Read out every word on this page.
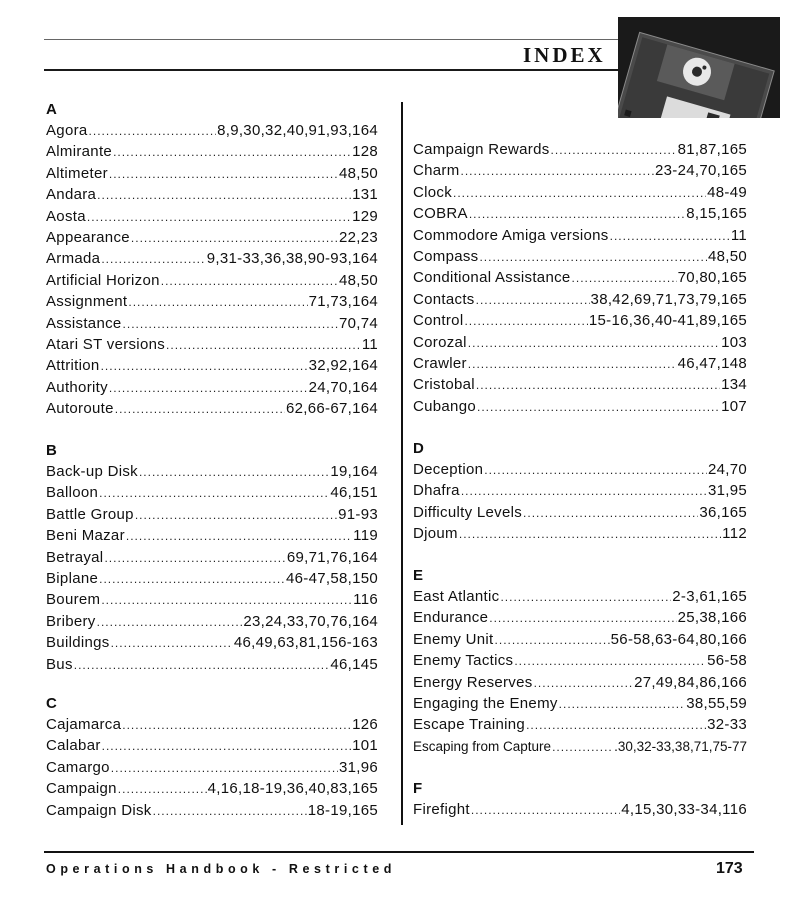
INDEX
A
Agora .....	8,9,30,32,40,91,93,164
Almirante .....	128
Altimeter .....	48,50
Andara .....	131
Aosta .....	129
Appearance .....	22,23
Armada .....	9,31-33,36,38,90-93,164
Artificial Horizon .....	48,50
Assignment .....	71,73,164
Assistance .....	70,74
Atari ST versions .....	11
Attrition .....	32,92,164
Authority .....	24,70,164
Autoroute .....	62,66-67,164
B
Back-up Disk .....	19,164
Balloon .....	46,151
Battle Group .....	91-93
Beni Mazar .....	119
Betrayal .....	69,71,76,164
Biplane .....	46-47,58,150
Bourem .....	116
Bribery .....	23,24,33,70,76,164
Buildings .....	46,49,63,81,156-163
Bus .....	46,145
C
Cajamarca .....	126
Calabar .....	101
Camargo .....	31,96
Campaign .....	4,16,18-19,36,40,83,165
Campaign Disk .....	18-19,165
Campaign Rewards .....	81,87,165
Charm .....	23-24,70,165
Clock .....	48-49
COBRA .....	8,15,165
Commodore Amiga versions .....	11
Compass .....	48,50
Conditional Assistance .....	70,80,165
Contacts .....	38,42,69,71,73,79,165
Control .....	15-16,36,40-41,89,165
Corozal .....	103
Crawler .....	46,47,148
Cristobal .....	134
Cubango .....	107
D
Deception .....	24,70
Dhafra .....	31,95
Difficulty Levels .....	36,165
Djoum .....	112
E
East Atlantic .....	2-3,61,165
Endurance .....	25,38,166
Enemy Unit .....	56-58,63-64,80,166
Enemy Tactics .....	56-58
Energy Reserves .....	27,49,84,86,166
Engaging the Enemy .....	38,55,59
Escape Training .....	32-33
Escaping from Capture .....	.30,32-33,38,71,75-77
F
Firefight .....	4,15,30,33-34,116
Operations Handbook - Restricted	173
